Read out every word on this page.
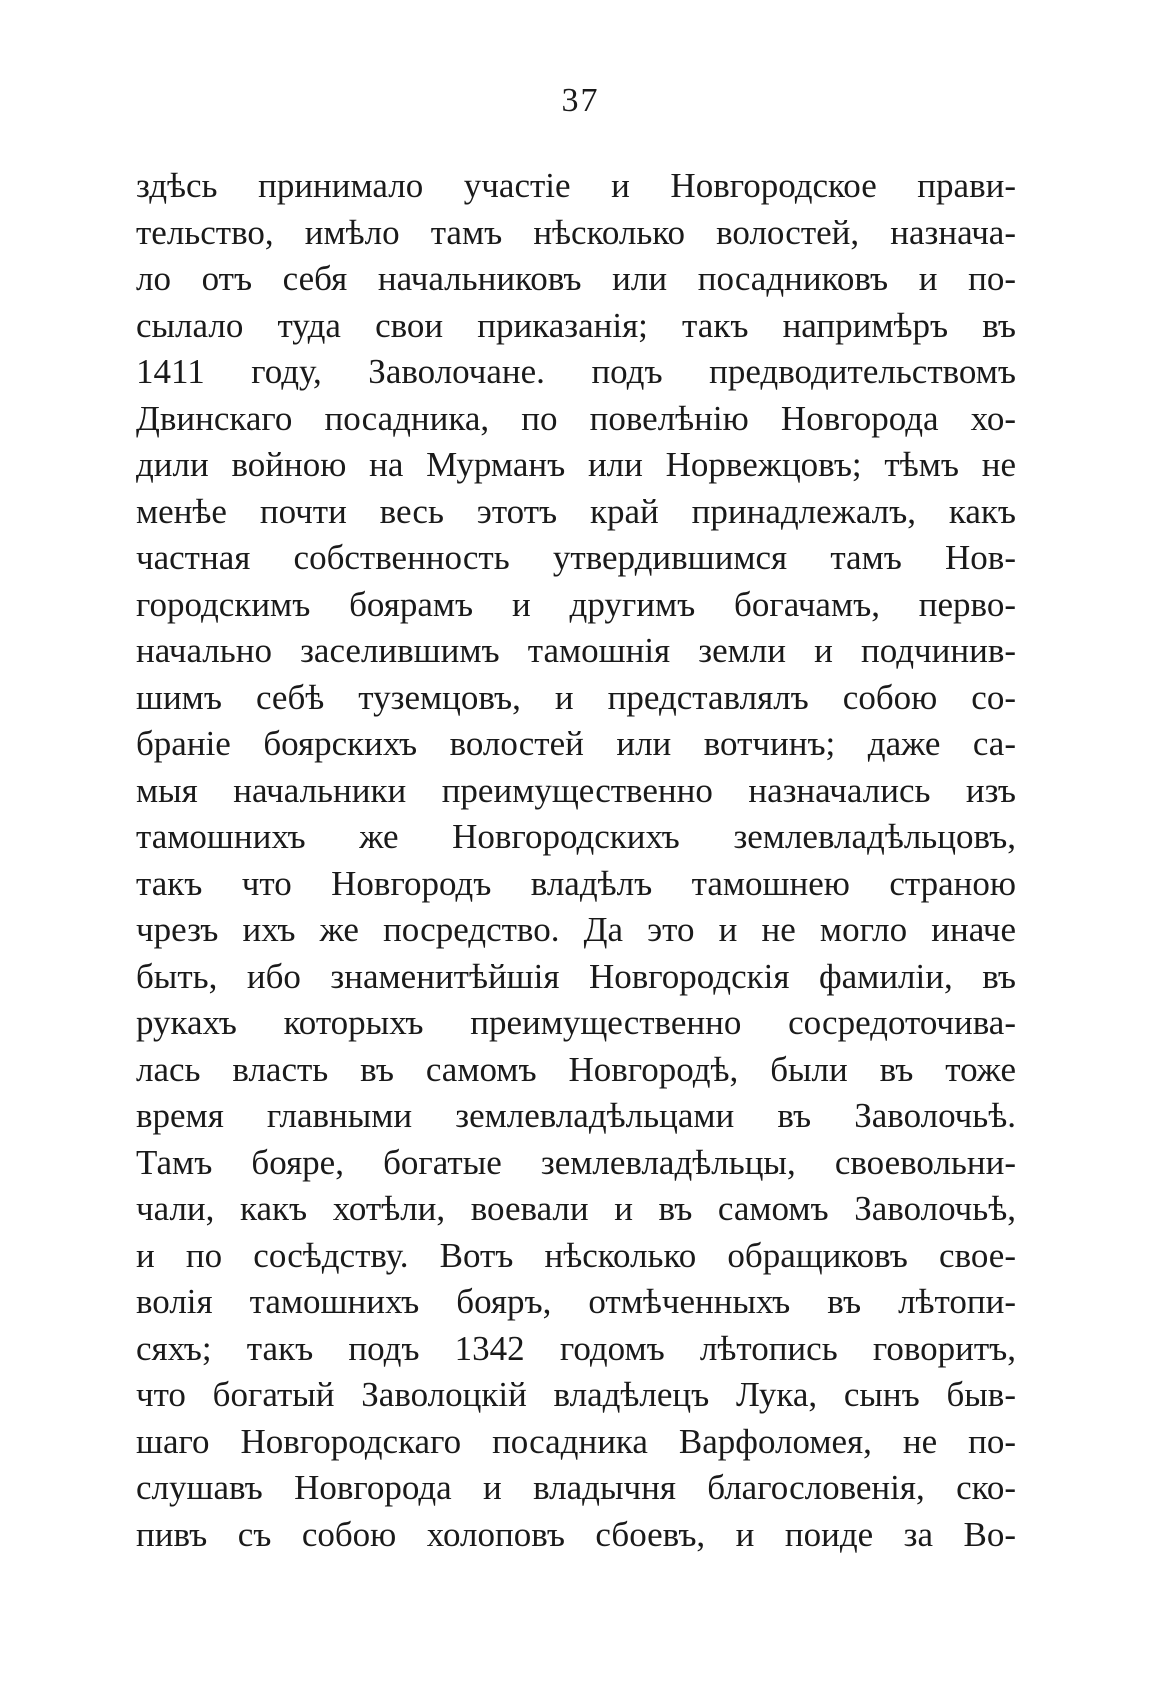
37
здѣсь принимало участіе и Новгородское прави-
тельство, имѣло тамъ нѣсколько волостей, назнача-
ло отъ себя начальниковъ или посадниковъ и по-
сылало туда свои приказанія; такъ напримѣръ въ
1411 году, Заволочане. подъ предводительствомъ
Двинскаго посадника, по повелѣнію Новгорода хо-
дили войною на Мурманъ или Норвежцовъ; тѣмъ не
менѣе почти весь этотъ край принадлежалъ, какъ
частная собственность утвердившимся тамъ Нов-
городскимъ боярамъ и другимъ богачамъ, перво-
начально заселившимъ тамошнія земли и подчинив-
шимъ себѣ туземцовъ, и представлялъ собою со-
браніе боярскихъ волостей или вотчинъ; даже са-
мыя начальники преимущественно назначались изъ
тамошнихъ же Новгородскихъ землевладѣльцовъ,
такъ что Новгородъ владѣлъ тамошнею страною
чрезъ ихъ же посредство. Да это и не могло иначе
быть, ибо знаменитѣйшія Новгородскія фамиліи, въ
рукахъ которыхъ преимущественно сосредоточива-
лась власть въ самомъ Новгородѣ, были въ тоже
время главными землевладѣльцами въ Заволочьѣ.
Тамъ бояре, богатые землевладѣльцы, своевольни-
чали, какъ хотѣли, воевали и въ самомъ Заволочьѣ,
и по сосѣдству. Вотъ нѣсколько обращиковъ свое-
волія тамошнихъ бояръ, отмѣченныхъ въ лѣтопи-
сяхъ; такъ подъ 1342 годомъ лѣтопись говоритъ,
что богатый Заволоцкій владѣлецъ Лука, сынъ быв-
шаго Новгородскаго посадника Варфоломея, не по-
слушавъ Новгорода и владычня благословенія, ско-
пивъ съ собою холоповъ сбоевъ, и поиде за Во-
